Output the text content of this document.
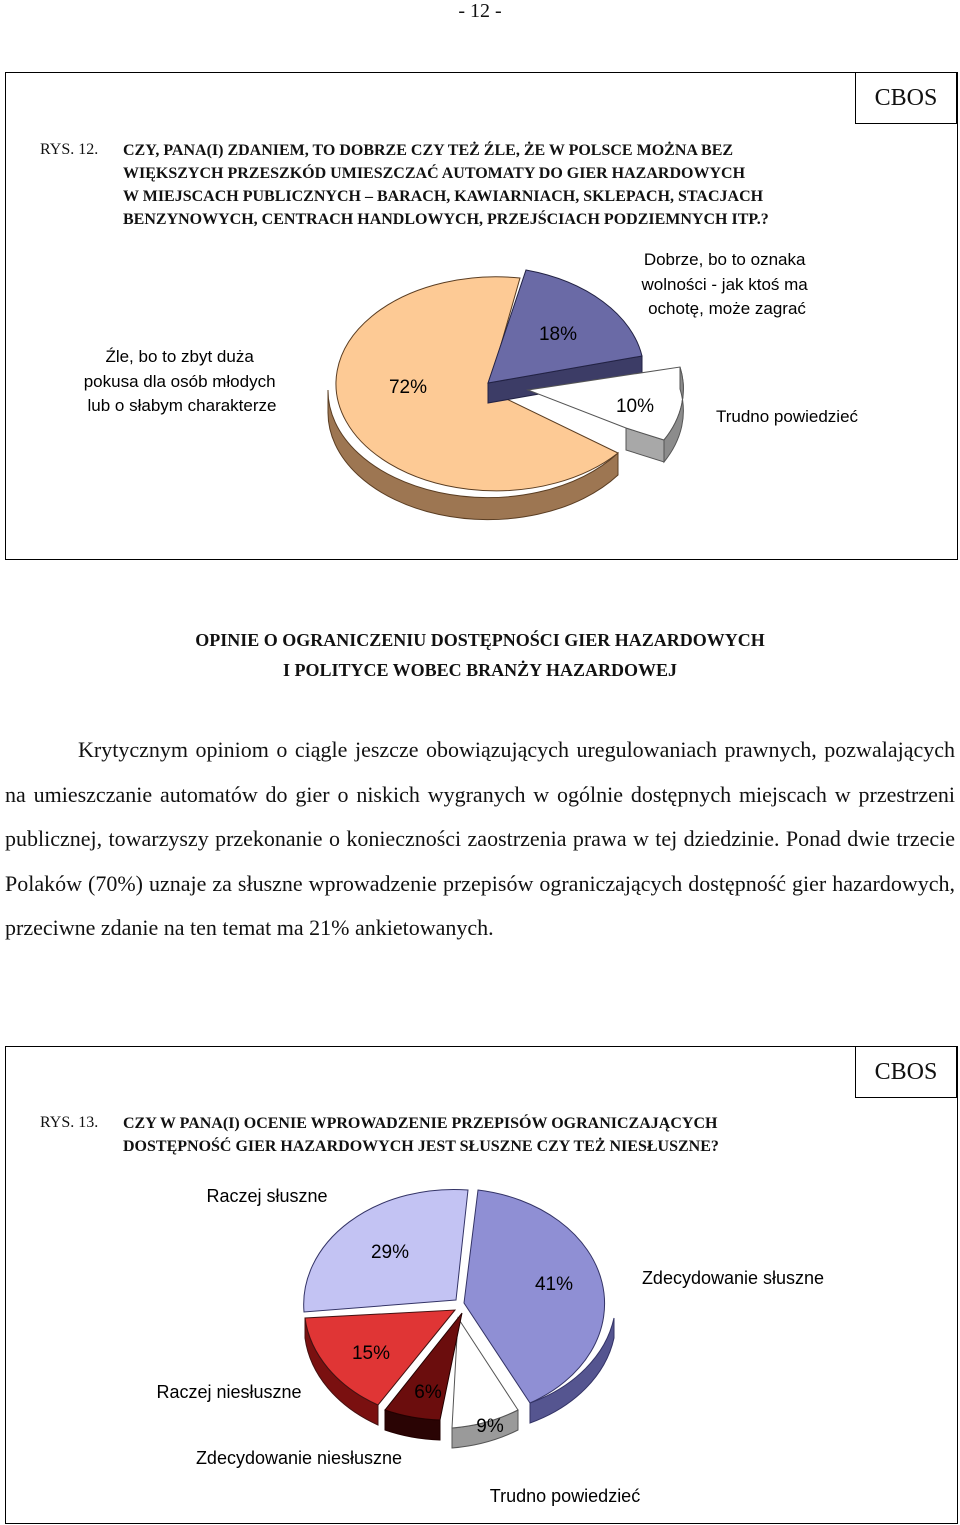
- 12 -
CBOS
RYS. 12. CZY, PANA(I) ZDANIEM, TO DOBRZE CZY TEŻ ŹLE, ŻE W POLSCE MOŻNA BEZ
WIĘKSZYCH PRZESZKÓD UMIESZCZAĆ AUTOMATY DO GIER HAZARDOWYCH
W MIEJSCACH PUBLICZNYCH – BARACH, KAWIARNIACH, SKLEPACH, STACJACH
BENZYNOWYCH, CENTRACH HANDLOWYCH, PRZEJŚCIACH PODZIEMNYCH ITP.?
72%
18%
10%
Źle, bo to zbyt duża pokusa dla osób młodych lub o słabym charakterze
Dobrze, bo to oznaka wolności - jak ktoś ma ochotę, może zagrać
Trudno powiedzieć
OPINIE O OGRANICZENIU DOSTĘPNOŚCI GIER HAZARDOWYCH
I POLITYCE WOBEC BRANŻY HAZARDOWEJ
Krytycznym opiniom o ciągle jeszcze obowiązujących uregulowaniach prawnych, pozwalających na umieszczanie automatów do gier o niskich wygranych w ogólnie dostępnych miejscach w przestrzeni publicznej, towarzyszy przekonanie o konieczności zaostrzenia prawa w tej dziedzinie. Ponad dwie trzecie Polaków (70%) uznaje za słuszne wprowadzenie przepisów ograniczających dostępność gier hazardowych, przeciwne zdanie na ten temat ma 21% ankietowanych.
CBOS
RYS. 13. CZY W PANA(I) OCENIE WPROWADZENIE PRZEPISÓW OGRANICZAJĄCYCH
DOSTĘPNOŚĆ GIER HAZARDOWYCH JEST SŁUSZNE CZY TEŻ NIESŁUSZNE?
41%
9%
6%
15%
29%
Raczej słuszne
Zdecydowanie słuszne
Raczej niesłuszne
Zdecydowanie niesłuszne
Trudno powiedzieć
